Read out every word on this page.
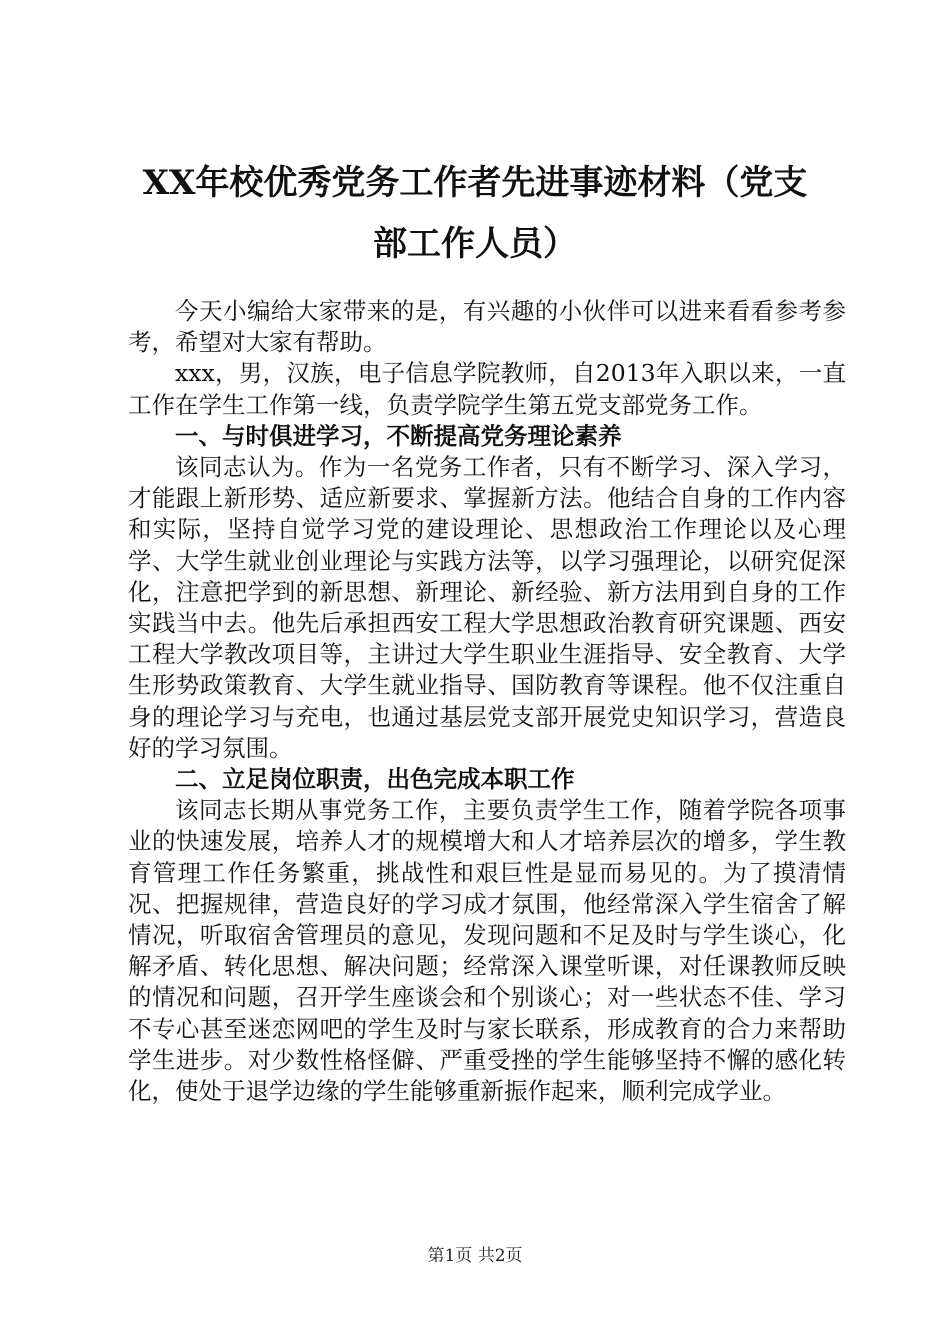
XX年校优秀党务工作者先进事迹材料（党支
部工作人员）

今天小编给大家带来的是，有兴趣的小伙伴可以进来看看参考参考，希望对大家有帮助。

xxx，男，汉族，电子信息学院教师，自2013年入职以来，一直工作在学生工作第一线，负责学院学生第五党支部党务工作。

一、与时俱进学习，不断提高党务理论素养

该同志认为。作为一名党务工作者，只有不断学习、深入学习，才能跟上新形势、适应新要求、掌握新方法。他结合自身的工作内容和实际，坚持自觉学习党的建设理论、思想政治工作理论以及心理学、大学生就业创业理论与实践方法等，以学习强理论，以研究促深化，注意把学到的新思想、新理论、新经验、新方法用到自身的工作实践当中去。他先后承担西安工程大学思想政治教育研究课题、西安工程大学教改项目等，主讲过大学生职业生涯指导、安全教育、大学生形势政策教育、大学生就业指导、国防教育等课程。他不仅注重自身的理论学习与充电，也通过基层党支部开展党史知识学习，营造良好的学习氛围。

二、立足岗位职责，出色完成本职工作

该同志长期从事党务工作，主要负责学生工作，随着学院各项事业的快速发展，培养人才的规模增大和人才培养层次的增多，学生教育管理工作任务繁重，挑战性和艰巨性是显而易见的。为了摸清情况、把握规律，营造良好的学习成才氛围，他经常深入学生宿舍了解情况，听取宿舍管理员的意见，发现问题和不足及时与学生谈心，化解矛盾、转化思想、解决问题；经常深入课堂听课，对任课教师反映的情况和问题，召开学生座谈会和个别谈心；对一些状态不佳、学习不专心甚至迷恋网吧的学生及时与家长联系，形成教育的合力来帮助学生进步。对少数性格怪僻、严重受挫的学生能够坚持不懈的感化转化，使处于退学边缘的学生能够重新振作起来，顺利完成学业。

第1页 共2页
